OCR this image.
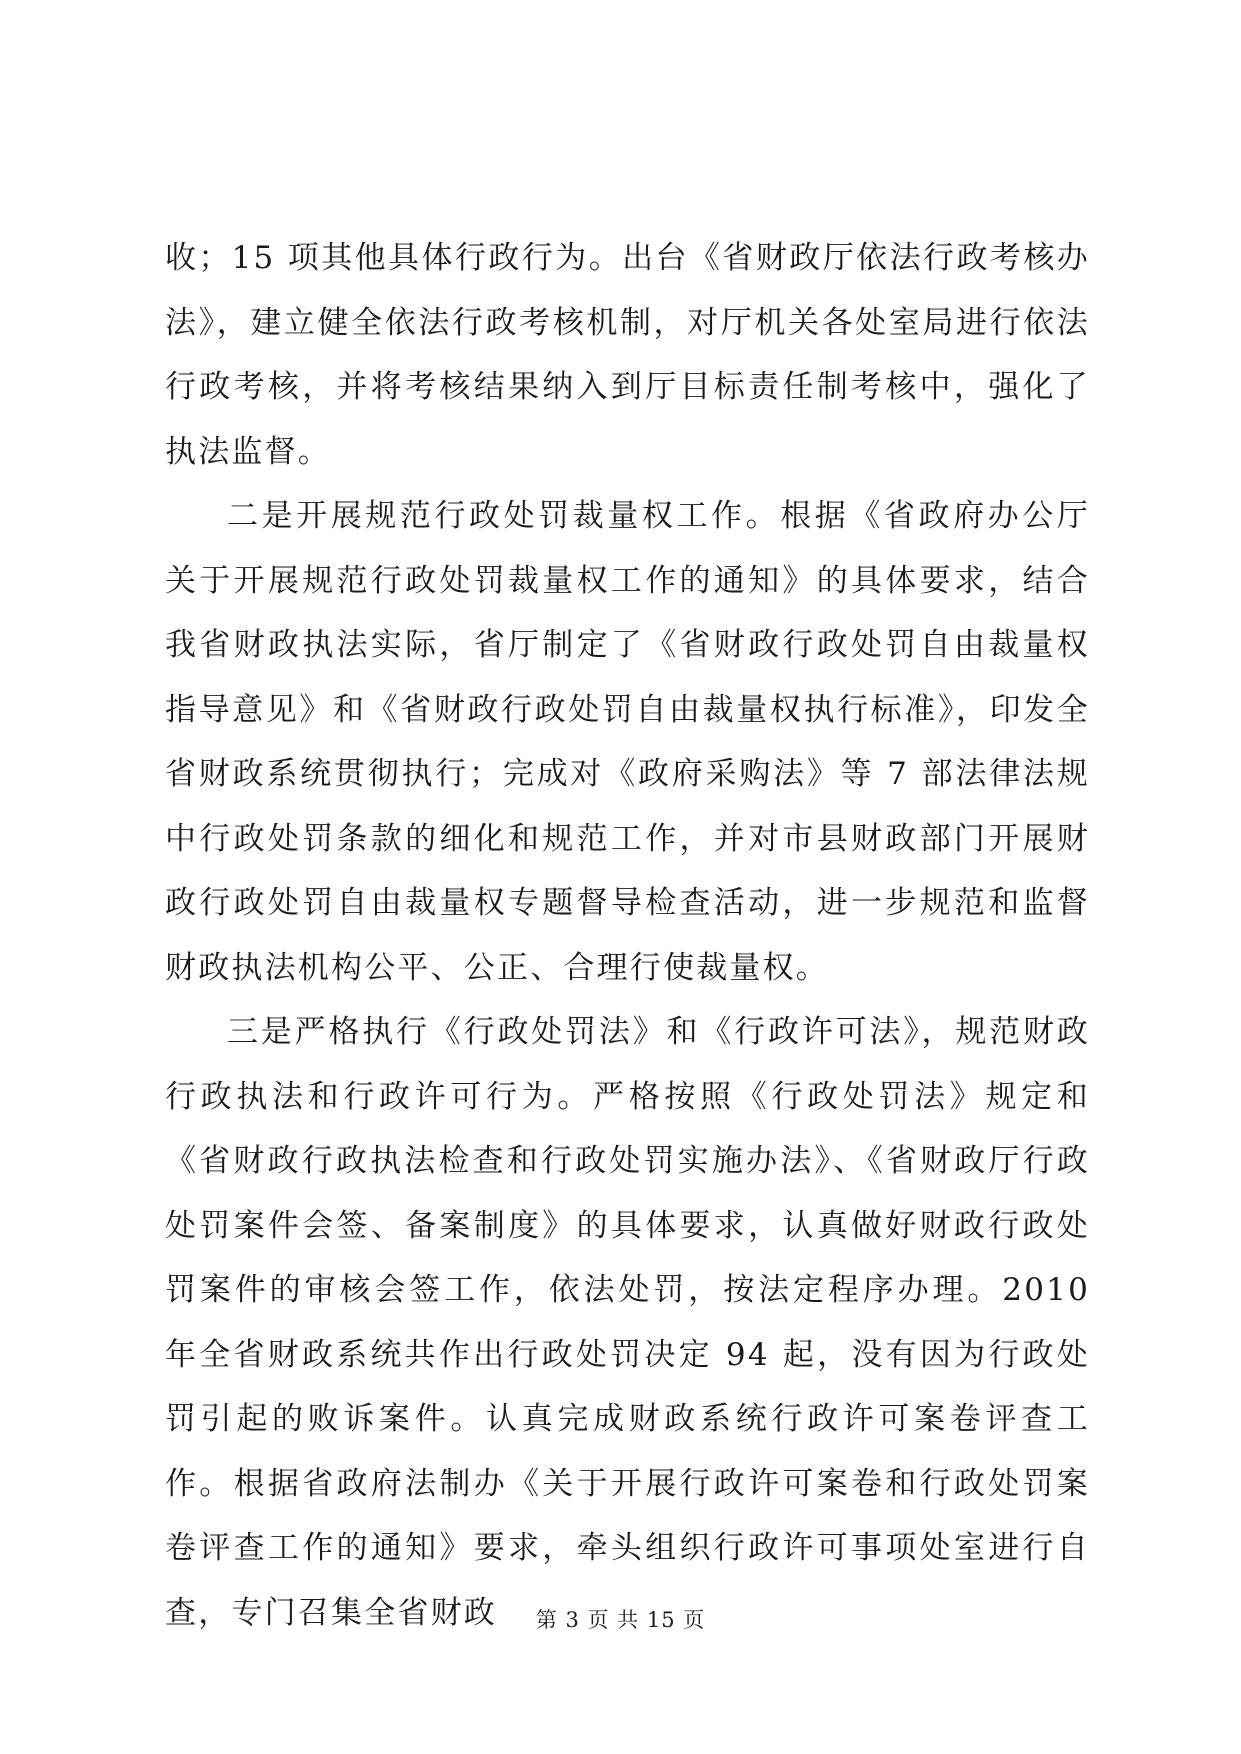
收；15 项其他具体行政行为。出台《省财政厅依法行政考核办法》，建立健全依法行政考核机制，对厅机关各处室局进行依法行政考核，并将考核结果纳入到厅目标责任制考核中，强化了执法监督。

二是开展规范行政处罚裁量权工作。根据《省政府办公厅关于开展规范行政处罚裁量权工作的通知》的具体要求，结合我省财政执法实际，省厅制定了《省财政行政处罚自由裁量权指导意见》和《省财政行政处罚自由裁量权执行标准》，印发全省财政系统贯彻执行；完成对《政府采购法》等 7 部法律法规中行政处罚条款的细化和规范工作，并对市县财政部门开展财政行政处罚自由裁量权专题督导检查活动，进一步规范和监督财政执法机构公平、公正、合理行使裁量权。

三是严格执行《行政处罚法》和《行政许可法》，规范财政行政执法和行政许可行为。严格按照《行政处罚法》规定和《省财政行政执法检查和行政处罚实施办法》、《省财政厅行政处罚案件会签、备案制度》的具体要求，认真做好财政行政处罚案件的审核会签工作，依法处罚，按法定程序办理。2010 年全省财政系统共作出行政处罚决定 94 起，没有因为行政处罚引起的败诉案件。认真完成财政系统行政许可案卷评查工作。根据省政府法制办《关于开展行政许可案卷和行政处罚案卷评查工作的通知》要求，牵头组织行政许可事项处室进行自查，专门召集全省财政	第 3 页 共 15 页
